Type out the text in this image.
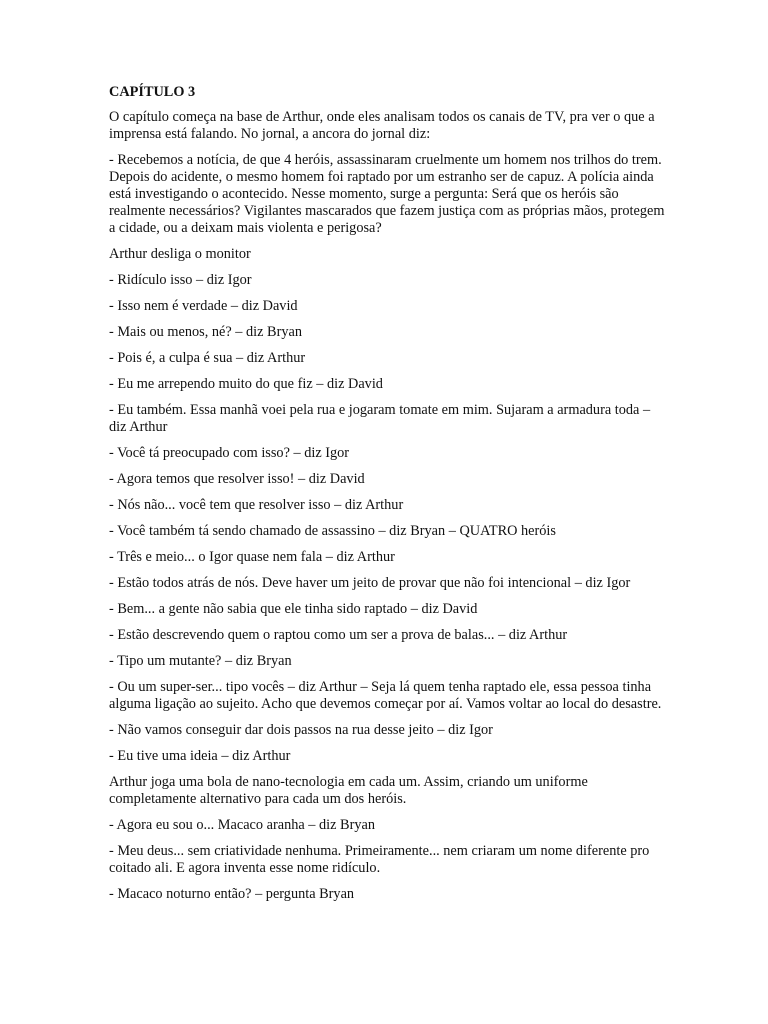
CAPÍTULO 3

O capítulo começa na base de Arthur, onde eles analisam todos os canais de TV, pra ver o que a imprensa está falando. No jornal, a ancora do jornal diz:

- Recebemos a notícia, de que 4 heróis, assassinaram cruelmente um homem nos trilhos do trem. Depois do acidente, o mesmo homem foi raptado por um estranho ser de capuz. A polícia ainda está investigando o acontecido. Nesse momento, surge a pergunta: Será que os heróis são realmente necessários? Vigilantes mascarados que fazem justiça com as próprias mãos, protegem a cidade, ou a deixam mais violenta e perigosa?

Arthur desliga o monitor

- Ridículo isso – diz Igor

- Isso nem é verdade – diz David

- Mais ou menos, né? – diz Bryan

- Pois é, a culpa é sua – diz Arthur

- Eu me arrependo muito do que fiz – diz David

- Eu também. Essa manhã voei pela rua e jogaram tomate em mim. Sujaram a armadura toda – diz Arthur

- Você tá preocupado com isso? – diz Igor

- Agora temos que resolver isso! – diz David

- Nós não... você tem que resolver isso – diz Arthur

- Você também tá sendo chamado de assassino – diz Bryan – QUATRO heróis

- Três e meio... o Igor quase nem fala – diz Arthur

- Estão todos atrás de nós. Deve haver um jeito de provar que não foi intencional – diz Igor

- Bem... a gente não sabia que ele tinha sido raptado – diz David

- Estão descrevendo quem o raptou como um ser a prova de balas... – diz Arthur

- Tipo um mutante? – diz Bryan

- Ou um super-ser... tipo vocês – diz Arthur – Seja lá quem tenha raptado ele, essa pessoa tinha alguma ligação ao sujeito. Acho que devemos começar por aí. Vamos voltar ao local do desastre.

- Não vamos conseguir dar dois passos na rua desse jeito – diz Igor

- Eu tive uma ideia – diz Arthur

Arthur joga uma bola de nano-tecnologia em cada um. Assim, criando um uniforme completamente alternativo para cada um dos heróis.

- Agora eu sou o... Macaco aranha – diz Bryan

- Meu deus... sem criatividade nenhuma. Primeiramente... nem criaram um nome diferente pro coitado ali. E agora inventa esse nome ridículo.

- Macaco noturno então? – pergunta Bryan
